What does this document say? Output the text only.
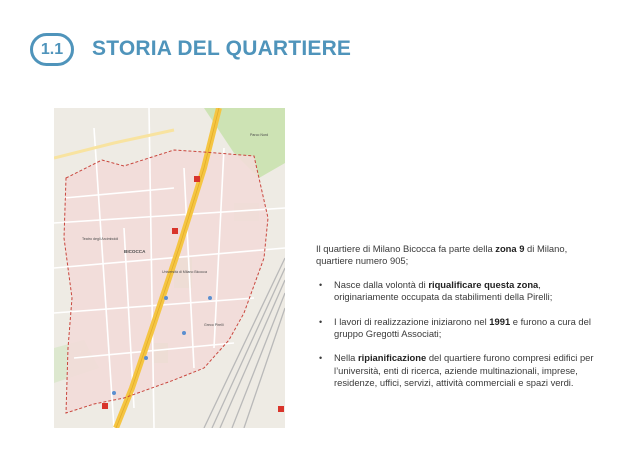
1.1 STORIA DEL QUARTIERE
BICOCCA
Università di Milano Bicocca
Teatro degli Arcimboldi
Greco Pirelli
Parco Nord

Il quartiere di Milano Bicocca fa parte della zona 9 di Milano, quartiere numero 905;

• Nasce dalla volontà di riqualificare questa zona, originariamente occupata da stabilimenti della Pirelli;
• I lavori di realizzazione iniziarono nel 1991 e furono a cura del gruppo Gregotti Associati;
• Nella ripianificazione del quartiere furono compresi edifici per l’università, enti di ricerca, aziende multinazionali, imprese, residenze, uffici, servizi, attività commerciali e spazi verdi.
